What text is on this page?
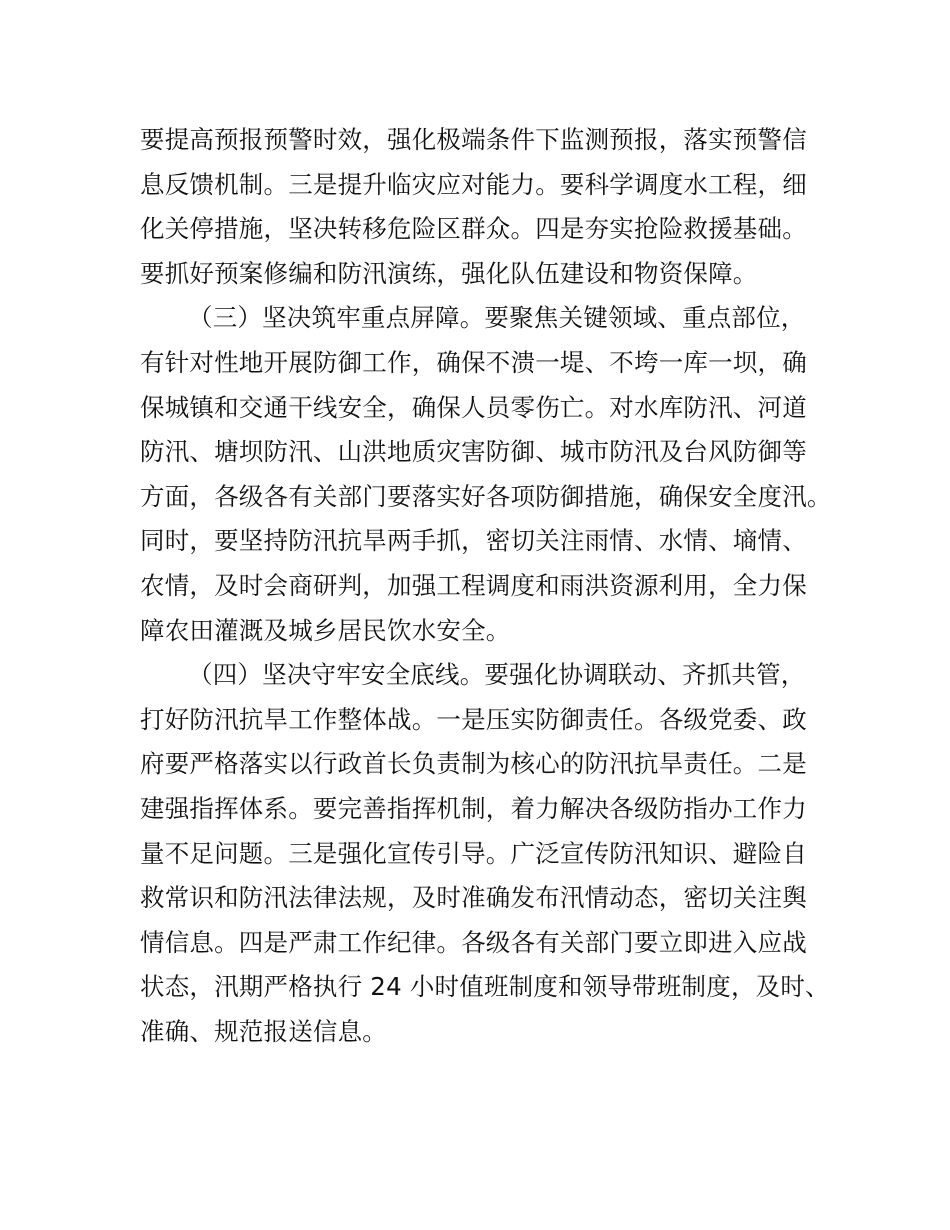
要提高预报预警时效，强化极端条件下监测预报，落实预警信
息反馈机制。三是提升临灾应对能力。要科学调度水工程，细
化关停措施，坚决转移危险区群众。四是夯实抢险救援基础。
要抓好预案修编和防汛演练，强化队伍建设和物资保障。
（三）坚决筑牢重点屏障。要聚焦关键领域、重点部位，
有针对性地开展防御工作，确保不溃一堤、不垮一库一坝，确
保城镇和交通干线安全，确保人员零伤亡。对水库防汛、河道
防汛、塘坝防汛、山洪地质灾害防御、城市防汛及台风防御等
方面，各级各有关部门要落实好各项防御措施，确保安全度汛。
同时，要坚持防汛抗旱两手抓，密切关注雨情、水情、墒情、
农情，及时会商研判，加强工程调度和雨洪资源利用，全力保
障农田灌溉及城乡居民饮水安全。
（四）坚决守牢安全底线。要强化协调联动、齐抓共管，
打好防汛抗旱工作整体战。一是压实防御责任。各级党委、政
府要严格落实以行政首长负责制为核心的防汛抗旱责任。二是
建强指挥体系。要完善指挥机制，着力解决各级防指办工作力
量不足问题。三是强化宣传引导。广泛宣传防汛知识、避险自
救常识和防汛法律法规，及时准确发布汛情动态，密切关注舆
情信息。四是严肃工作纪律。各级各有关部门要立即进入应战
状态，汛期严格执行 24 小时值班制度和领导带班制度，及时、
准确、规范报送信息。
